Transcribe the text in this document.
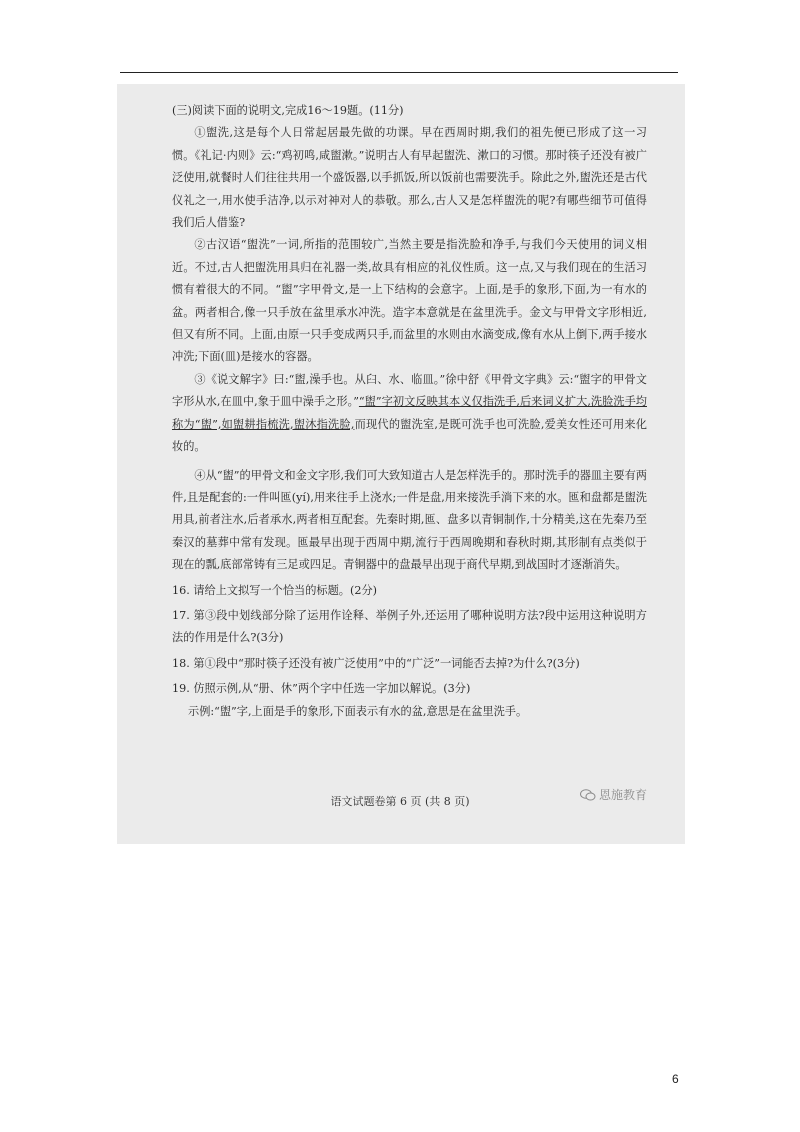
(三)阅读下面的说明文,完成16～19题。(11分)

①盥洗,这是每个人日常起居最先做的功课。早在西周时期,我们的祖先便已形成了这一习惯。《礼记·内则》云:“鸡初鸣,咸盥漱。”说明古人有早起盥洗、漱口的习惯。那时筷子还没有被广泛使用,就餐时人们往往共用一个盛饭器,以手抓饭,所以饭前也需要洗手。除此之外,盥洗还是古代仪礼之一,用水使手洁净,以示对神对人的恭敬。那么,古人又是怎样盥洗的呢?有哪些细节可值得我们后人借鉴?

②古汉语“盥洗”一词,所指的范围较广,当然主要是指洗脸和净手,与我们今天使用的词义相近。不过,古人把盥洗用具归在礼器一类,故具有相应的礼仪性质。这一点,又与我们现在的生活习惯有着很大的不同。“盥”字甲骨文,是一上下结构的会意字。上面,是手的象形,下面,为一有水的盆。两者相合,像一只手放在盆里承水冲洗。造字本意就是在盆里洗手。金文与甲骨文字形相近,但又有所不同。上面,由原一只手变成两只手,而盆里的水则由水滴变成,像有水从上倒下,两手接水冲洗;下面(皿)是接水的容器。

③《说文解字》曰:“盥,澡手也。从臼、水、临皿。”徐中舒《甲骨文字典》云:“盥字的甲骨文字形从水,在皿中,象于皿中澡手之形。”“盥”字初文反映其本义仅指洗手,后来词义扩大,洗脸洗手均称为“盥”,如盥耕指梳洗,盥沐指洗脸,而现代的盥洗室,是既可洗手也可洗脸,爱美女性还可用来化妆的。

④从“盥”的甲骨文和金文字形,我们可大致知道古人是怎样洗手的。那时洗手的器皿主要有两件,且是配套的:一件叫匜(yí),用来往手上浇水;一件是盘,用来接洗手淌下来的水。匜和盘都是盥洗用具,前者注水,后者承水,两者相互配套。先秦时期,匜、盘多以青铜制作,十分精美,这在先秦乃至秦汉的墓葬中常有发现。匜最早出现于西周中期,流行于西周晚期和春秋时期,其形制有点类似于现在的瓢,底部常铸有三足或四足。青铜器中的盘最早出现于商代早期,到战国时才逐渐消失。

16. 请给上文拟写一个恰当的标题。(2分)

17. 第③段中划线部分除了运用作诠释、举例子外,还运用了哪种说明方法?段中运用这种说明方法的作用是什么?(3分)

18. 第①段中“那时筷子还没有被广泛使用”中的“广泛”一词能否去掉?为什么?(3分)

19. 仿照示例,从“册、休”两个字中任选一字加以解说。(3分)

示例:“盥”字,上面是手的象形,下面表示有水的盆,意思是在盆里洗手。

语文试题卷第 6 页 (共 8 页)	恩施教育
6
